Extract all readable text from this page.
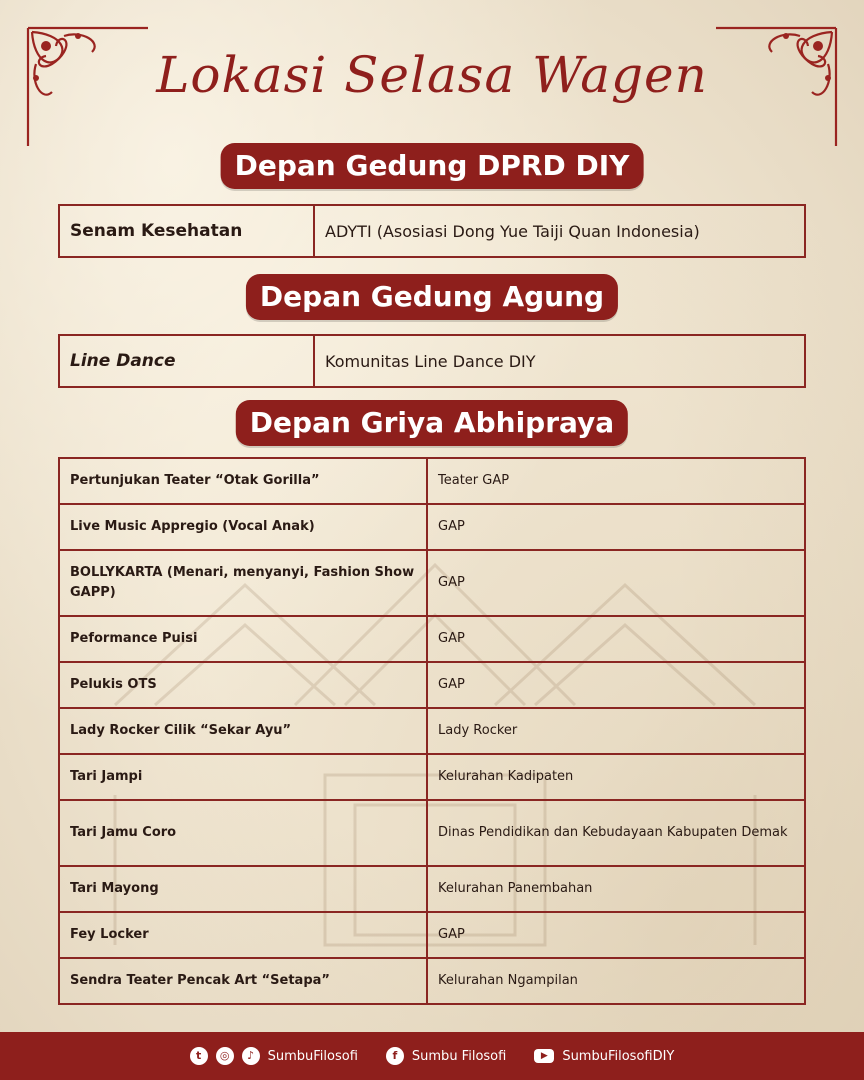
Lokasi Selasa Wagen
Depan Gedung DPRD DIY
Senam Kesehatan	ADYTI (Asosiasi Dong Yue Taiji Quan Indonesia)
Depan Gedung Agung
Line Dance	Komunitas Line Dance DIY
Depan Griya Abhipraya
Pertunjukan Teater “Otak Gorilla”	Teater GAP
Live Music Appregio (Vocal Anak)	GAP
BOLLYKARTA (Menari, menyanyi, Fashion Show GAPP)	GAP
Peformance Puisi	GAP
Pelukis OTS	GAP
Lady Rocker Cilik “Sekar Ayu”	Lady Rocker
Tari Jampi	Kelurahan Kadipaten
Tari Jamu Coro	Dinas Pendidikan dan Kebudayaan Kabupaten Demak
Tari Mayong	Kelurahan Panembahan
Fey Locker	GAP
Sendra Teater Pencak Art “Setapa”	Kelurahan Ngampilan
t	◎	♪	SumbuFilosofi	f	Sumbu Filosofi	▶	SumbuFilosofiDIY
